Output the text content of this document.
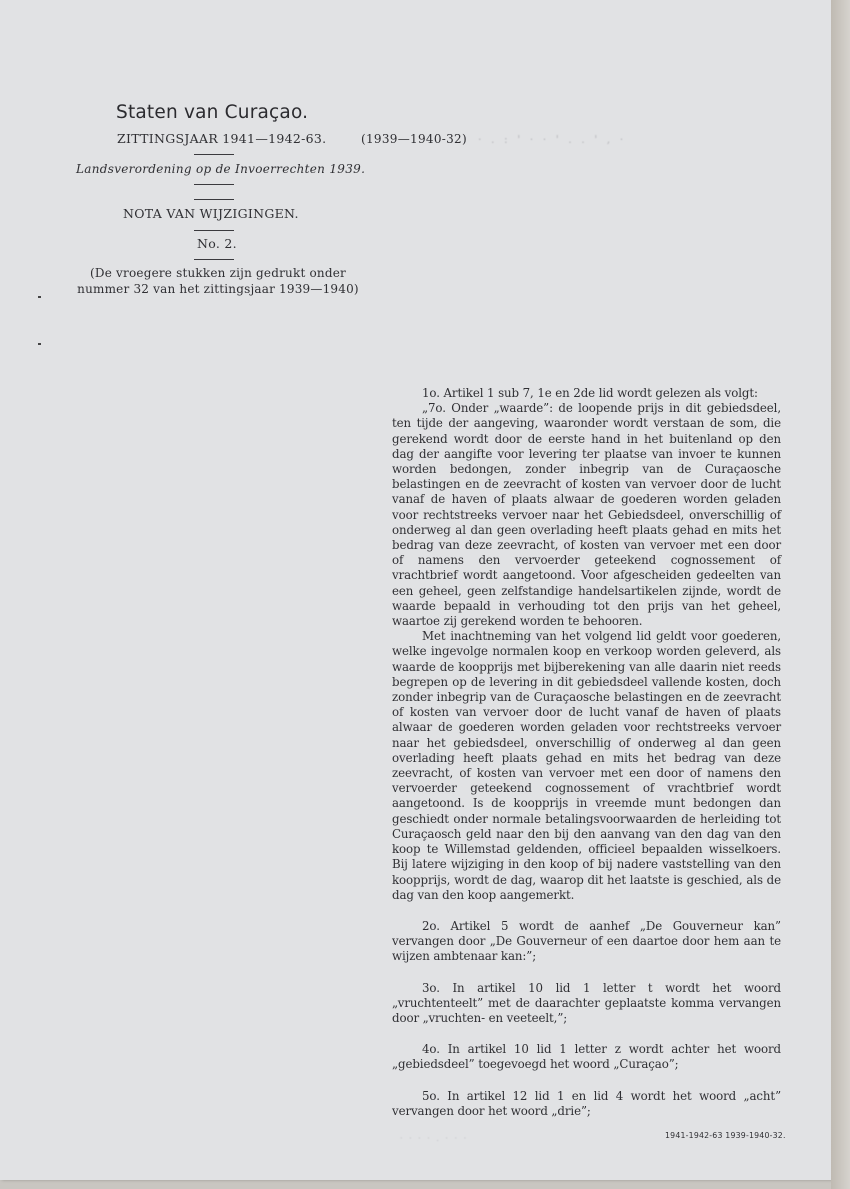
Staten van Curaçao.
ZITTINGSJAAR 1941—1942-63.	(1939—1940-32) · . : ' · · ' . . ' , ·
Landsverordening op de Invoerrechten 1939.
NOTA VAN WIJZIGINGEN.
No. 2.
(De vroegere stukken zijn gedrukt onder nummer 32 van het zittingsjaar 1939—1940)

1o. Artikel 1 sub 7, 1e en 2de lid wordt gelezen als volgt:

„7o. Onder „waarde”: de loopende prijs in dit gebiedsdeel, ten tijde der aangeving, waaronder wordt verstaan de som, die gerekend wordt door de eerste hand in het buitenland op den dag der aangifte voor levering ter plaatse van invoer te kunnen worden bedongen, zonder inbegrip van de Curaçaosche belastingen en de zeevracht of kosten van vervoer door de lucht vanaf de haven of plaats alwaar de goederen worden geladen voor rechtstreeks vervoer naar het Gebiedsdeel, onverschillig of onderweg al dan geen overlading heeft plaats gehad en mits het bedrag van deze zeevracht, of kosten van vervoer met een door of namens den vervoerder geteekend cognossement of vrachtbrief wordt aangetoond. Voor afgescheiden gedeelten van een geheel, geen zelfstandige handelsartikelen zijnde, wordt de waarde bepaald in verhouding tot den prijs van het geheel, waartoe zij gerekend worden te behooren.

Met inachtneming van het volgend lid geldt voor goederen, welke ingevolge normalen koop en verkoop worden geleverd, als waarde de koopprijs met bijberekening van alle daarin niet reeds begrepen op de levering in dit gebiedsdeel vallende kosten, doch zonder inbegrip van de Curaçaosche belastingen en de zeevracht of kosten van vervoer door de lucht vanaf de haven of plaats alwaar de goederen worden geladen voor rechtstreeks vervoer naar het gebiedsdeel, onverschillig of onderweg al dan geen overlading heeft plaats gehad en mits het bedrag van deze zeevracht, of kosten van vervoer met een door of namens den vervoerder geteekend cognossement of vrachtbrief wordt aangetoond. Is de koopprijs in vreemde munt bedongen dan geschiedt onder normale betalingsvoorwaarden de herleiding tot Curaçaosch geld naar den bij den aanvang van den dag van den koop te Willemstad geldenden, officieel bepaalden wisselkoers. Bij latere wijziging in den koop of bij nadere vaststelling van den koopprijs, wordt de dag, waarop dit het laatste is geschied, als de dag van den koop aangemerkt.

2o. Artikel 5 wordt de aanhef „De Gouverneur kan” vervangen door „De Gouverneur of een daartoe door hem aan te wijzen ambtenaar kan:”;

3o. In artikel 10 lid 1 letter t wordt het woord „vruchtenteelt” met de daarachter geplaatste komma vervangen door „vruchten- en veeteelt,”;

4o. In artikel 10 lid 1 letter z wordt achter het woord „gebiedsdeel” toegevoegd het woord „Curaçao”;

5o. In artikel 12 lid 1 en lid 4 wordt het woord „acht” vervangen door het woord „drie”;

· · · · . · · ·	1941-1942-63 1939-1940-32.
